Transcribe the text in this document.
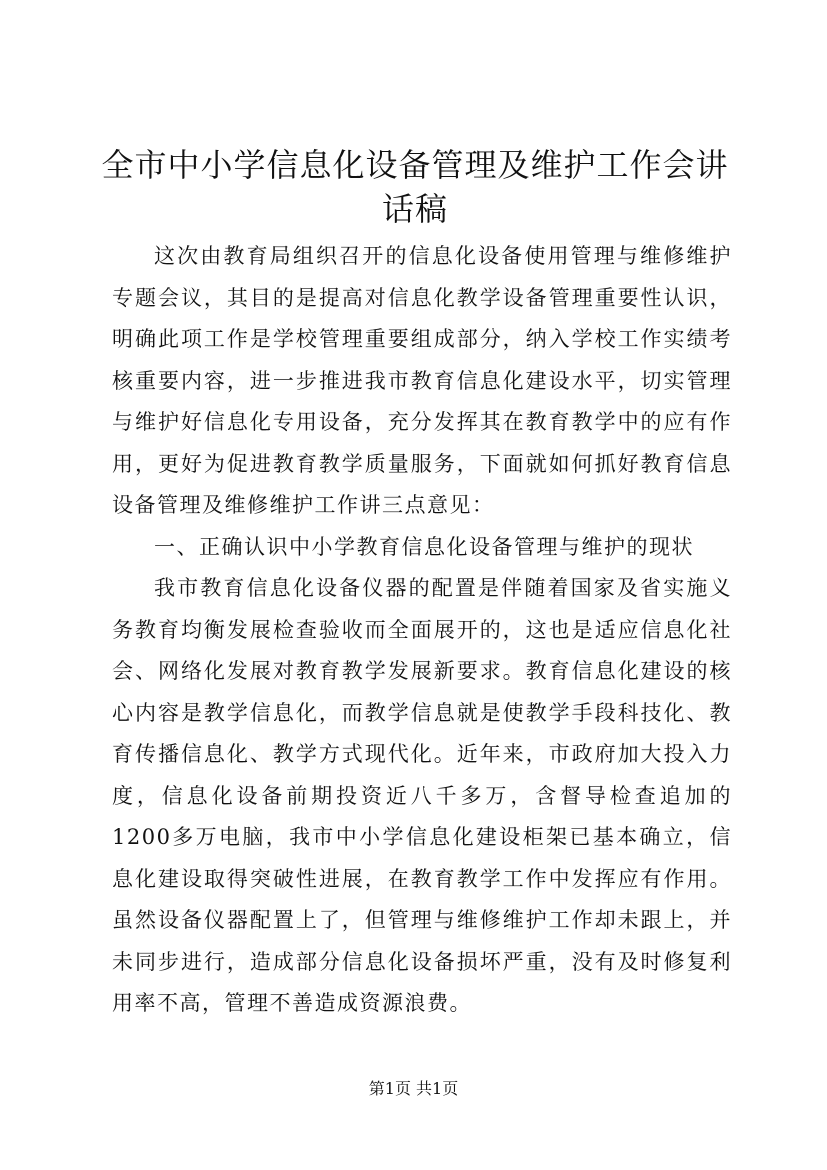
全市中小学信息化设备管理及维护工作会讲话稿

这次由教育局组织召开的信息化设备使用管理与维修维护专题会议，其目的是提高对信息化教学设备管理重要性认识，明确此项工作是学校管理重要组成部分，纳入学校工作实绩考核重要内容，进一步推进我市教育信息化建设水平，切实管理与维护好信息化专用设备，充分发挥其在教育教学中的应有作用，更好为促进教育教学质量服务，下面就如何抓好教育信息设备管理及维修维护工作讲三点意见：

一、正确认识中小学教育信息化设备管理与维护的现状

我市教育信息化设备仪器的配置是伴随着国家及省实施义务教育均衡发展检查验收而全面展开的，这也是适应信息化社会、网络化发展对教育教学发展新要求。教育信息化建设的核心内容是教学信息化，而教学信息就是使教学手段科技化、教育传播信息化、教学方式现代化。近年来，市政府加大投入力度，信息化设备前期投资近八千多万，含督导检查追加的1200多万电脑，我市中小学信息化建设柜架已基本确立，信息化建设取得突破性进展，在教育教学工作中发挥应有作用。虽然设备仪器配置上了，但管理与维修维护工作却未跟上，并未同步进行，造成部分信息化设备损坏严重，没有及时修复利用率不高，管理不善造成资源浪费。

第1页 共1页
